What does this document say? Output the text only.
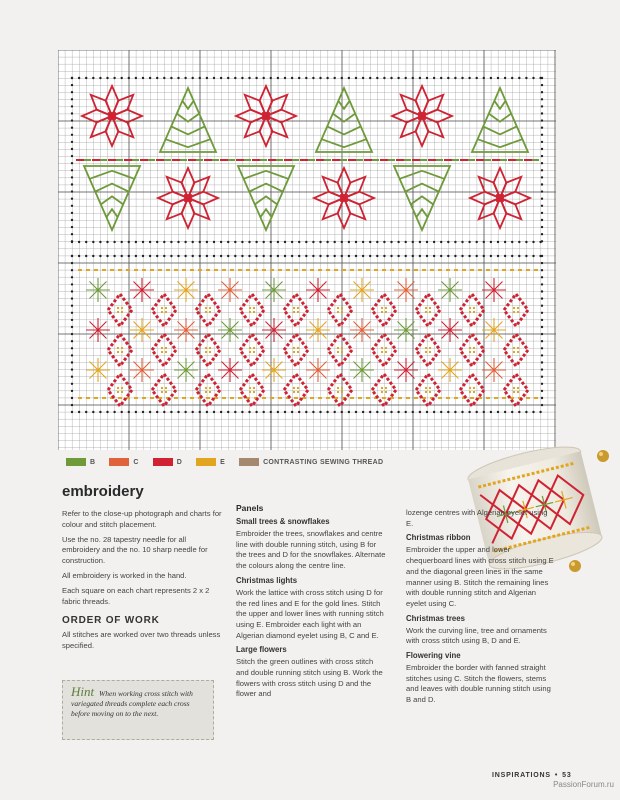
B	C	D	E	CONTRASTING SEWING THREAD
embroidery

Refer to the close-up photograph and charts for colour and stitch placement.

Use the no. 28 tapestry needle for all embroidery and the no. 10 sharp needle for construction.

All embroidery is worked in the hand.

Each square on each chart represents 2 x 2 fabric threads.

ORDER OF WORK

All stitches are worked over two threads unless specified.

Hint When working cross stitch with variegated threads complete each cross before moving on to the next.

Panels
Small trees & snowflakes

Embroider the trees, snowflakes and centre line with double running stitch, using B for the trees and D for the snowflakes. Alternate the colours along the centre line.

Christmas lights

Work the lattice with cross stitch using D for the red lines and E for the gold lines. Stitch the upper and lower lines with running stitch using E. Embroider each light with an Algerian diamond eyelet using B, C and E.

Large flowers

Stitch the green outlines with cross stitch and double running stitch using B. Work the flowers with cross stitch using D and the flower and

lozenge centres with Algerian eyelet using E.

Christmas ribbon

Embroider the upper and lower chequerboard lines with cross stitch using E and the diagonal green lines in the same manner using B. Stitch the remaining lines with double running stitch and Algerian eyelet using C.

Christmas trees

Work the curving line, tree and ornaments with cross stitch using B, D and E.

Flowering vine

Embroider the border with fanned straight stitches using C. Stitch the flowers, stems and leaves with double running stitch using B and D.

INSPIRATIONS • 53
PassionForum.ru
